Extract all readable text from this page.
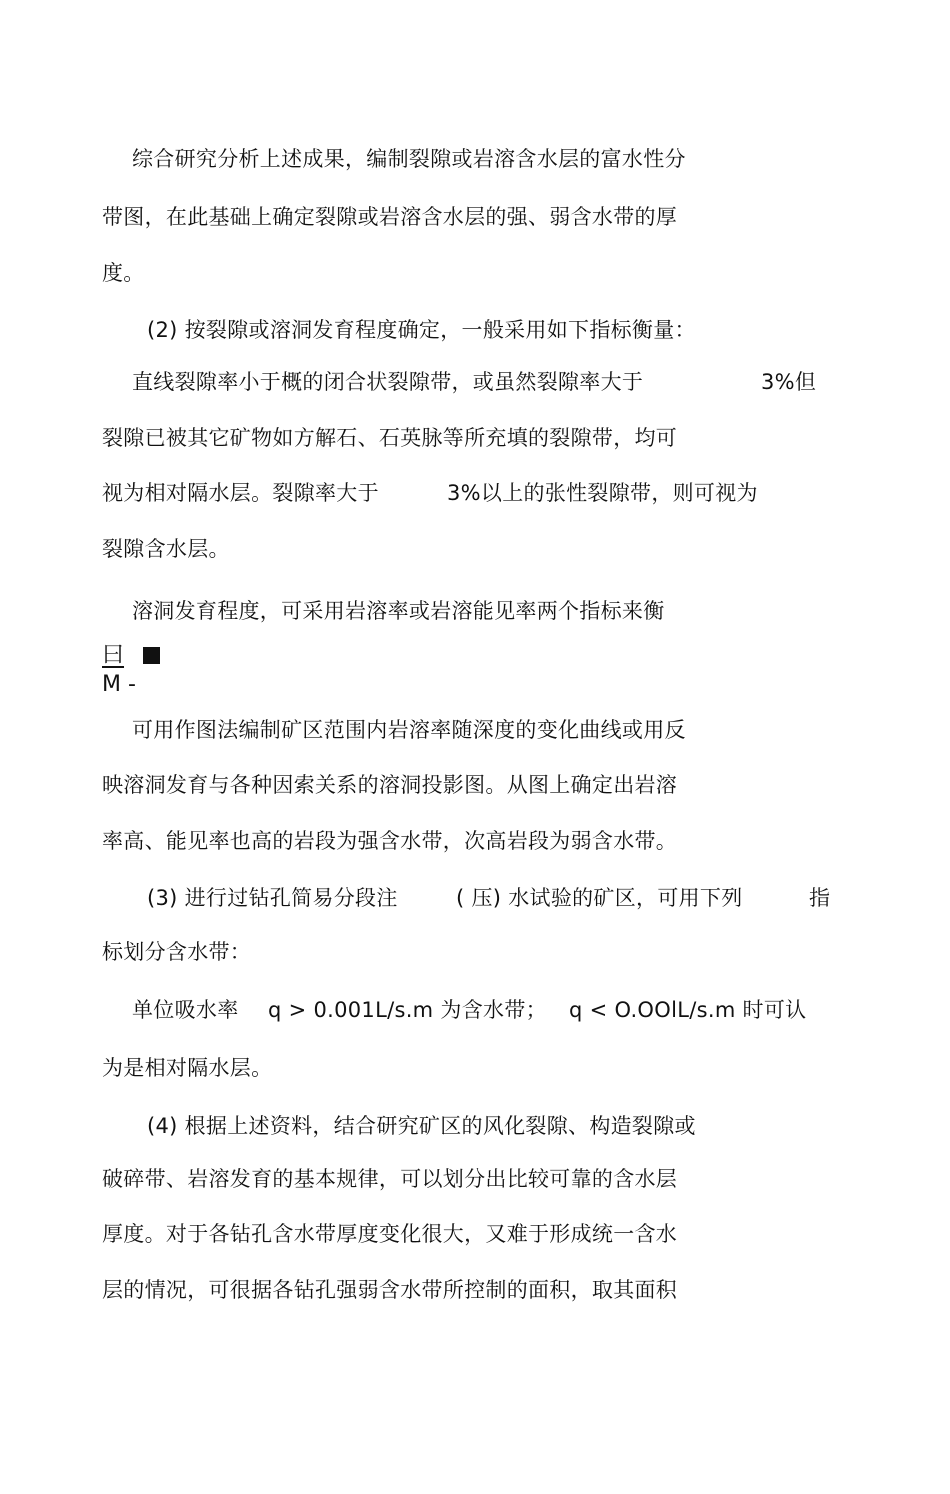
综合研究分析上述成果，编制裂隙或岩溶含水层的富水性分
带图，在此基础上确定裂隙或岩溶含水层的强、弱含水带的厚
度。
(2) 按裂隙或溶洞发育程度确定，一般采用如下指标衡量：
直线裂隙率小于概的闭合状裂隙带，或虽然裂隙率大于	3%但
裂隙已被其它矿物如方解石、石英脉等所充填的裂隙带，均可
视为相对隔水层。裂隙率大于	3%以上的张性裂隙带，则可视为
裂隙含水层。
溶洞发育程度，可采用岩溶率或岩溶能见率两个指标来衡
曰
M -
可用作图法编制矿区范围内岩溶率随深度的变化曲线或用反
映溶洞发育与各种因索关系的溶洞投影图。从图上确定出岩溶
率高、能见率也高的岩段为强含水带，次高岩段为弱含水带。
(3) 进行过钻孔简易分段注	( 压) 水试验的矿区，可用下列	指
标划分含水带：
单位吸水率 q > 0.001L/s.m 为含水带； q < O.OOlL/s.m 时可认
为是相对隔水层。
(4) 根据上述资料，结合研究矿区的风化裂隙、构造裂隙或
破碎带、岩溶发育的基本规律，可以划分出比较可靠的含水层
厚度。对于各钻孔含水带厚度变化很大，又难于形成统一含水
层的情况，可很据各钻孔强弱含水带所控制的面积，取其面积
